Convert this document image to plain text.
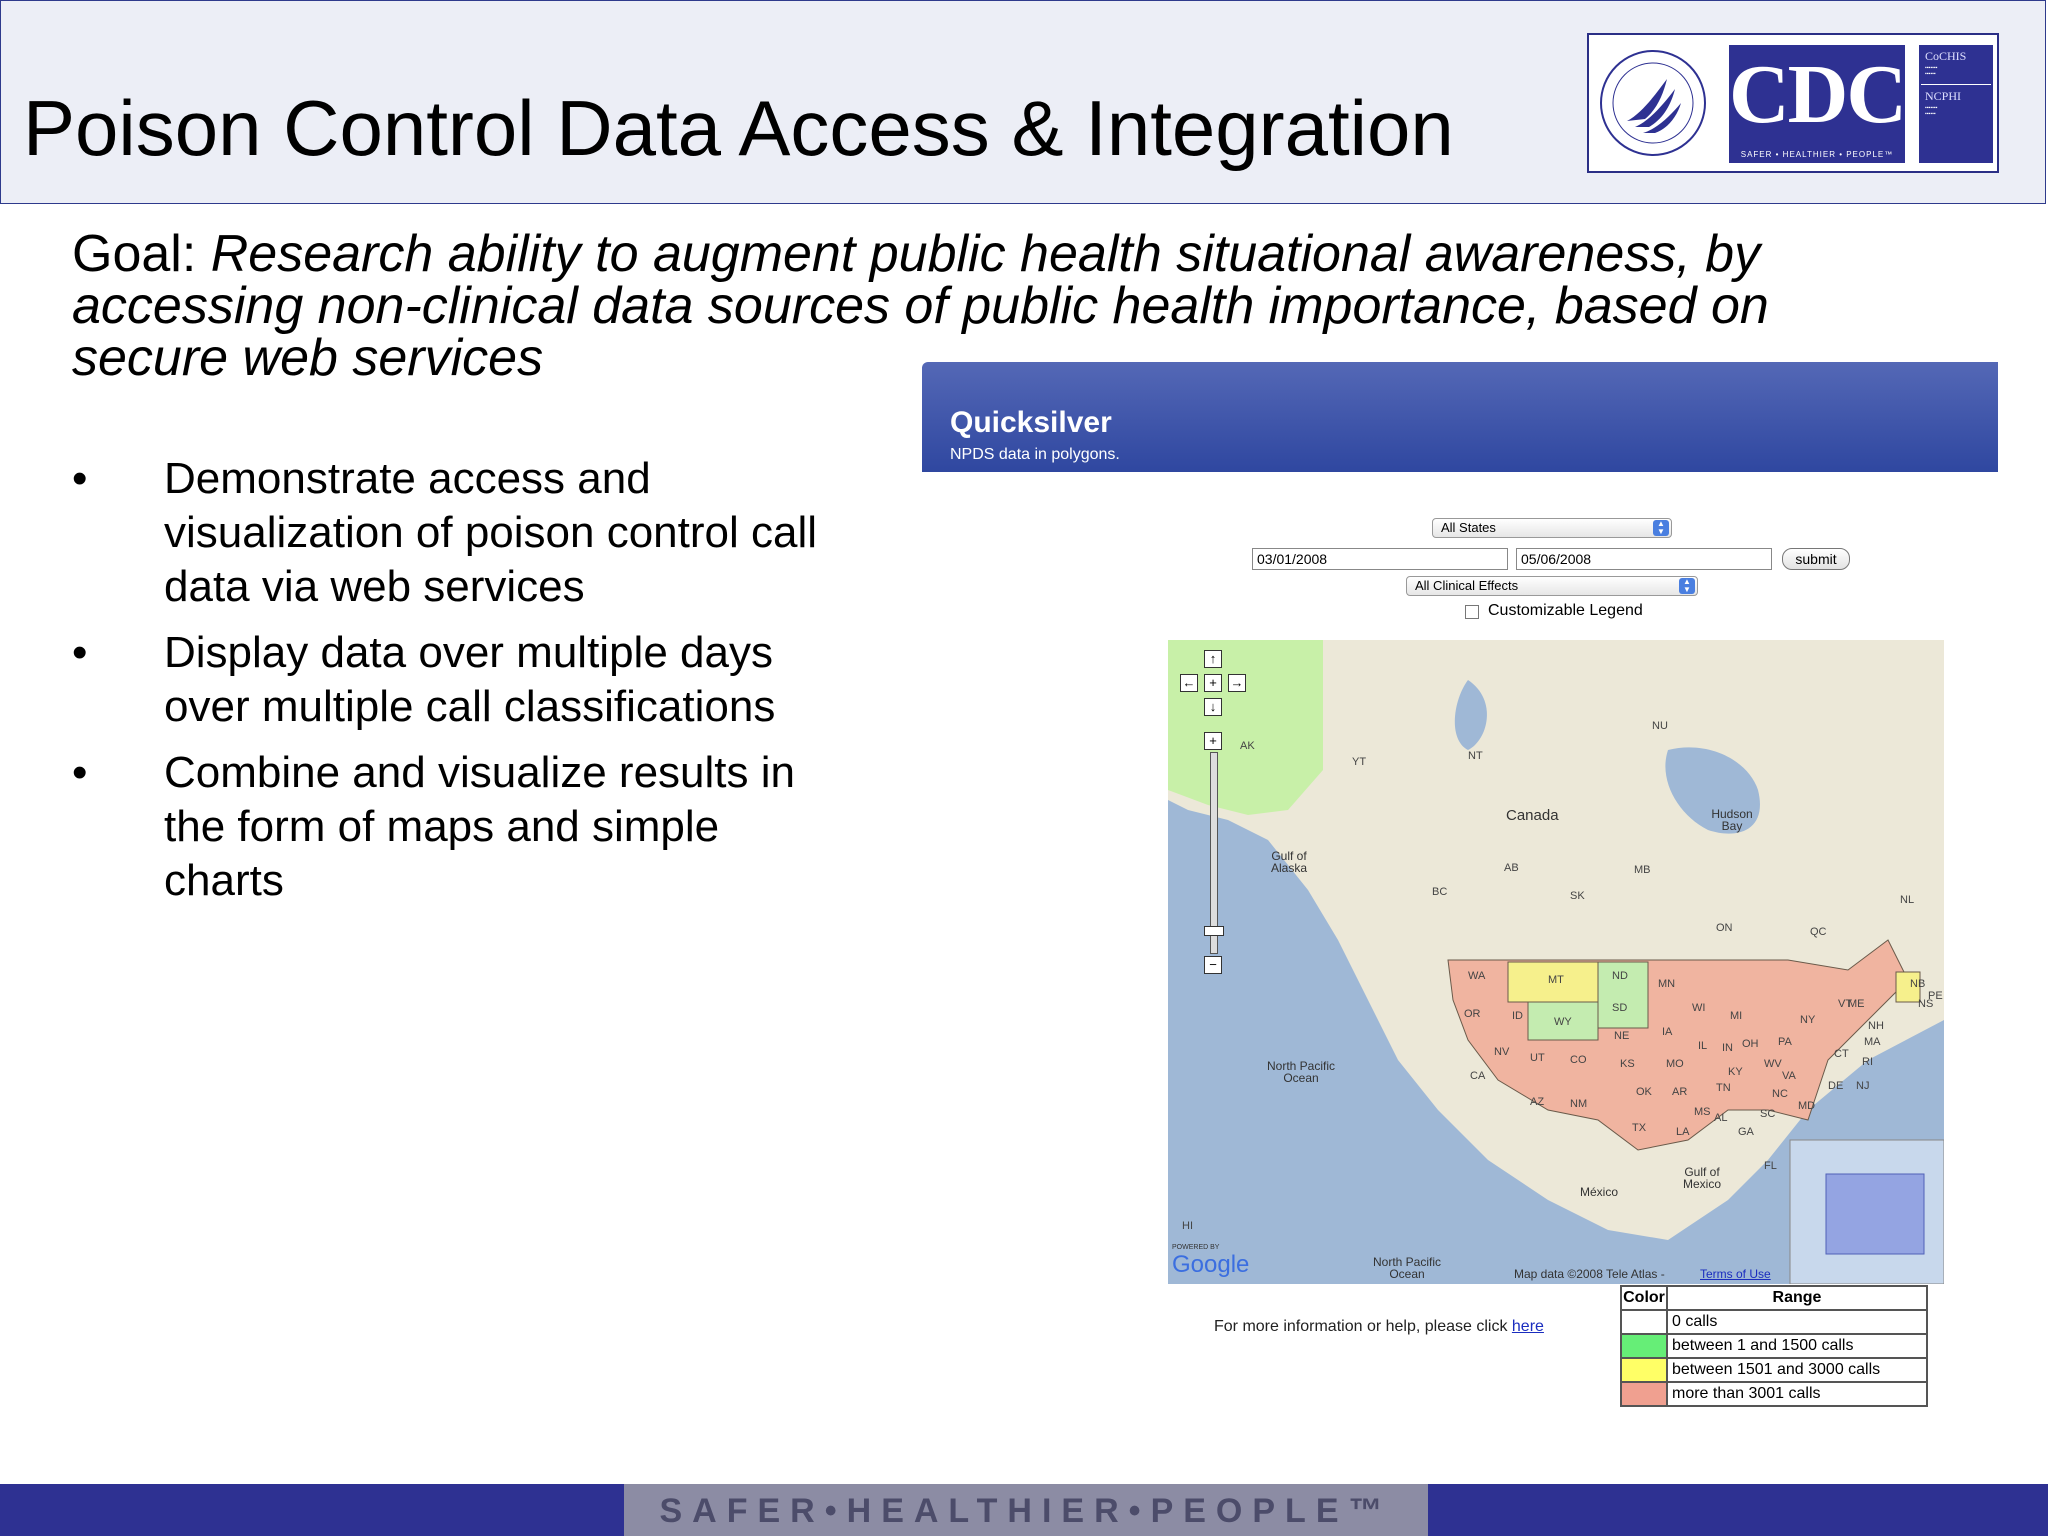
Poison Control Data Access & Integration	CDC
SAFER • HEALTHIER • PEOPLE™
CoCHIS
▪▪▪▪▪▪▪
▪▪▪▪▪▪
NCPHI
▪▪▪▪▪▪▪
▪▪▪▪▪▪
Goal: Research ability to augment public health situational awareness, by accessing non-clinical data sources of public health importance, based on secure web services
• Demonstrate access and visualization of poison control call data via web services
• Display data over multiple days over multiple call classifications
• Combine and visualize results in the form of maps and simple charts
Quicksilver
NPDS data in polygons.
All States	▲
▼
03/01/2008	05/06/2008	submit
All Clinical Effects	▲
▼
Customizable Legend
↑
←	+	→
↓
+
−
Canada	Hudson Bay
Gulf of Alaska
North Pacific Ocean
North Pacific Ocean
México
Gulf of Mexico
Map data ©2008 Tele Atlas -	Terms of Use
POWERED BY
Google
AK
YT	NT
NU
BC
AB
SK
MB
ON	QC
NL
NB
NS
PE
HI
WA	MT	ND
MN
OR	ID	WY
SD	WI
MI
NE	IA
NV UT CO	KS	MO
IL IN OH PA
NY
VT
NH
ME
MA
RI
CT
NJ
DE
MD
CA
AZ NM
OK AR	TN
KY
WV
VA
NC
SC
GA
AL
MS
LA
TX
FL
For more information or help, please click here
Color	Range
	0 calls
	between 1 and 1500 calls
	between 1501 and 3000 calls
	more than 3001 calls
SAFER•HEALTHIER•PEOPLE™
